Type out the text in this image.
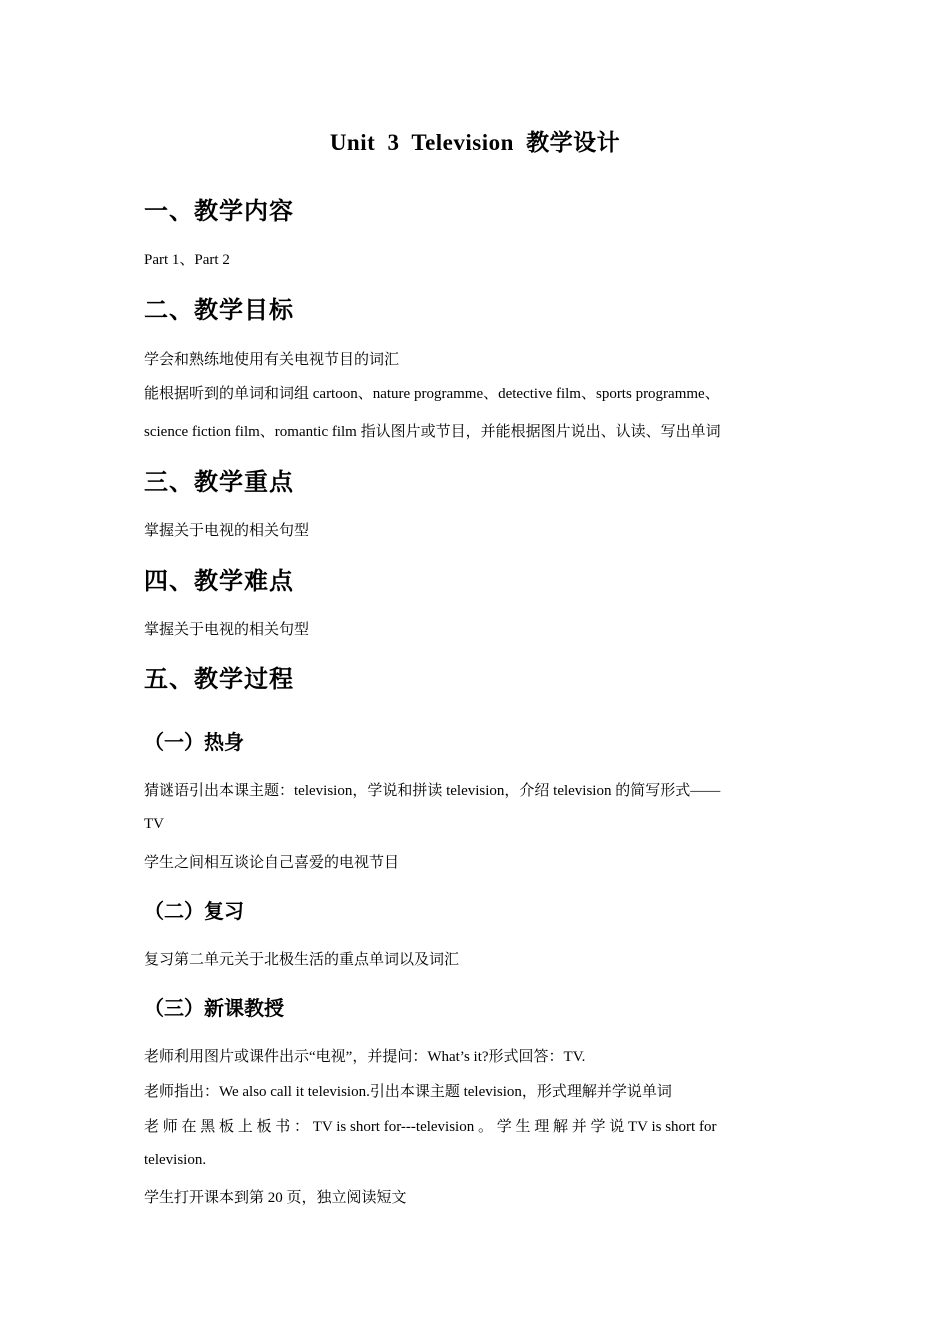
Unit 3 Television 教学设计
一、教学内容
Part 1、Part 2
二、教学目标
学会和熟练地使用有关电视节目的词汇
能根据听到的单词和词组 cartoon、nature programme、detective film、sports programme、
science fiction film、romantic film 指认图片或节目，并能根据图片说出、认读、写出单词
三、教学重点
掌握关于电视的相关句型
四、教学难点
掌握关于电视的相关句型
五、教学过程
（一）热身
猜谜语引出本课主题：television，学说和拼读 television，介绍 television 的简写形式——
TV
学生之间相互谈论自己喜爱的电视节目
（二）复习
复习第二单元关于北极生活的重点单词以及词汇
（三）新课教授
老师利用图片或课件出示“电视”，并提问：What’s it?形式回答：TV.
老师指出：We also call it television.引出本课主题 television，形式理解并学说单词
老 师 在 黑 板 上 板 书 ： TV is short for---television 。 学 生 理 解 并 学 说 TV is short for
television.
学生打开课本到第 20 页，独立阅读短文
